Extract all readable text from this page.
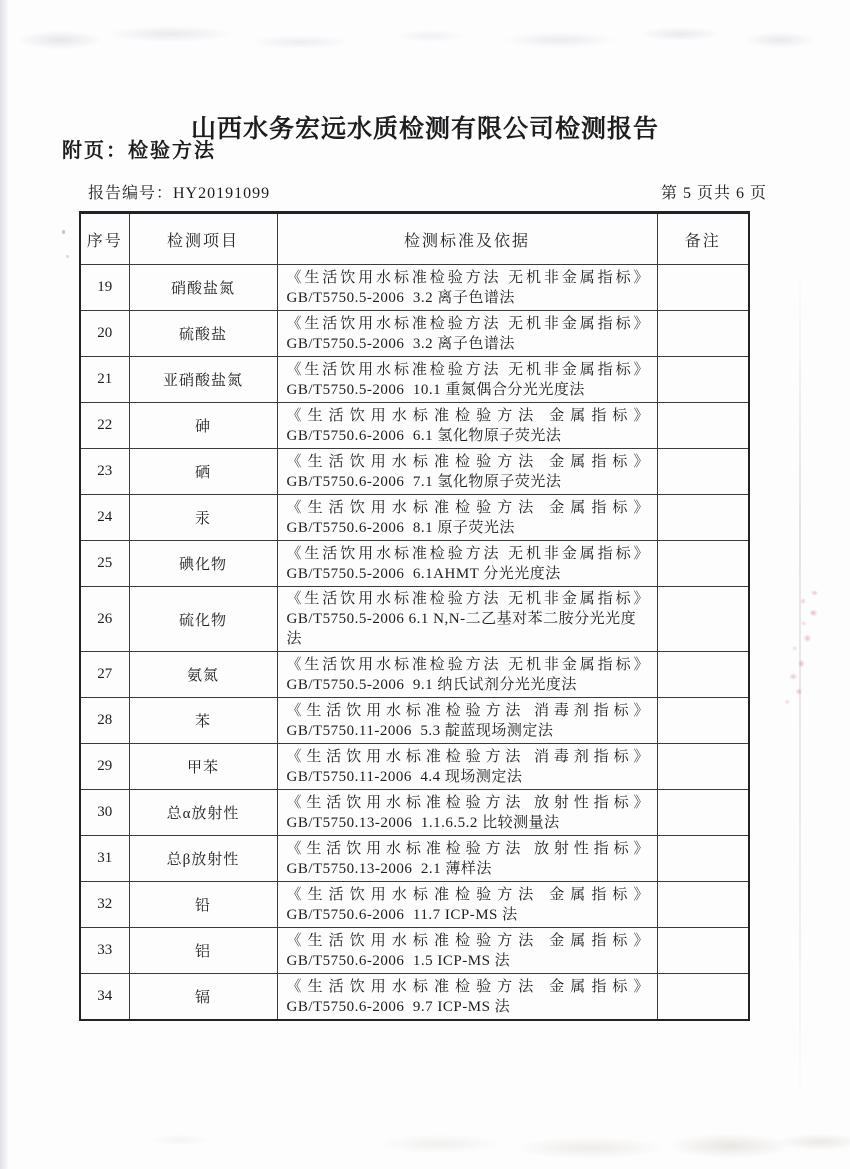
山西水务宏远水质检测有限公司检测报告
附页：检验方法
报告编号：HY20191099	第 5 页共 6 页
序号	检测项目	检测标准及依据	备注
19	硝酸盐氮	《生活饮用水标准检验方法 无机非金属指标》
GB/T5750.5-2006  3.2 离子色谱法	

20	硫酸盐	《生活饮用水标准检验方法 无机非金属指标》
GB/T5750.5-2006  3.2 离子色谱法	

21	亚硝酸盐氮	《生活饮用水标准检验方法 无机非金属指标》
GB/T5750.5-2006  10.1 重氮偶合分光光度法	

22	砷	《生活饮用水标准检验方法 金属指标》
GB/T5750.6-2006  6.1 氢化物原子荧光法	

23	硒	《生活饮用水标准检验方法 金属指标》
GB/T5750.6-2006  7.1 氢化物原子荧光法	

24	汞	《生活饮用水标准检验方法 金属指标》
GB/T5750.6-2006  8.1 原子荧光法	

25	碘化物	《生活饮用水标准检验方法 无机非金属指标》
GB/T5750.5-2006  6.1AHMT 分光光度法	

26	硫化物	《生活饮用水标准检验方法 无机非金属指标》
GB/T5750.5-2006 6.1 N,N-二乙基对苯二胺分光光度法	

27	氨氮	《生活饮用水标准检验方法 无机非金属指标》
GB/T5750.5-2006  9.1 纳氏试剂分光光度法	

28	苯	《生活饮用水标准检验方法 消毒剂指标》
GB/T5750.11-2006  5.3 靛蓝现场测定法	

29	甲苯	《生活饮用水标准检验方法 消毒剂指标》
GB/T5750.11-2006  4.4 现场测定法	

30	总α放射性	《生活饮用水标准检验方法 放射性指标》
GB/T5750.13-2006  1.1.6.5.2 比较测量法	

31	总β放射性	《生活饮用水标准检验方法 放射性指标》
GB/T5750.13-2006  2.1 薄样法	

32	铅	《生活饮用水标准检验方法 金属指标》
GB/T5750.6-2006  11.7 ICP-MS 法	

33	铝	《生活饮用水标准检验方法 金属指标》
GB/T5750.6-2006  1.5 ICP-MS 法	

34	镉	《生活饮用水标准检验方法 金属指标》
GB/T5750.6-2006  9.7 ICP-MS 法	
